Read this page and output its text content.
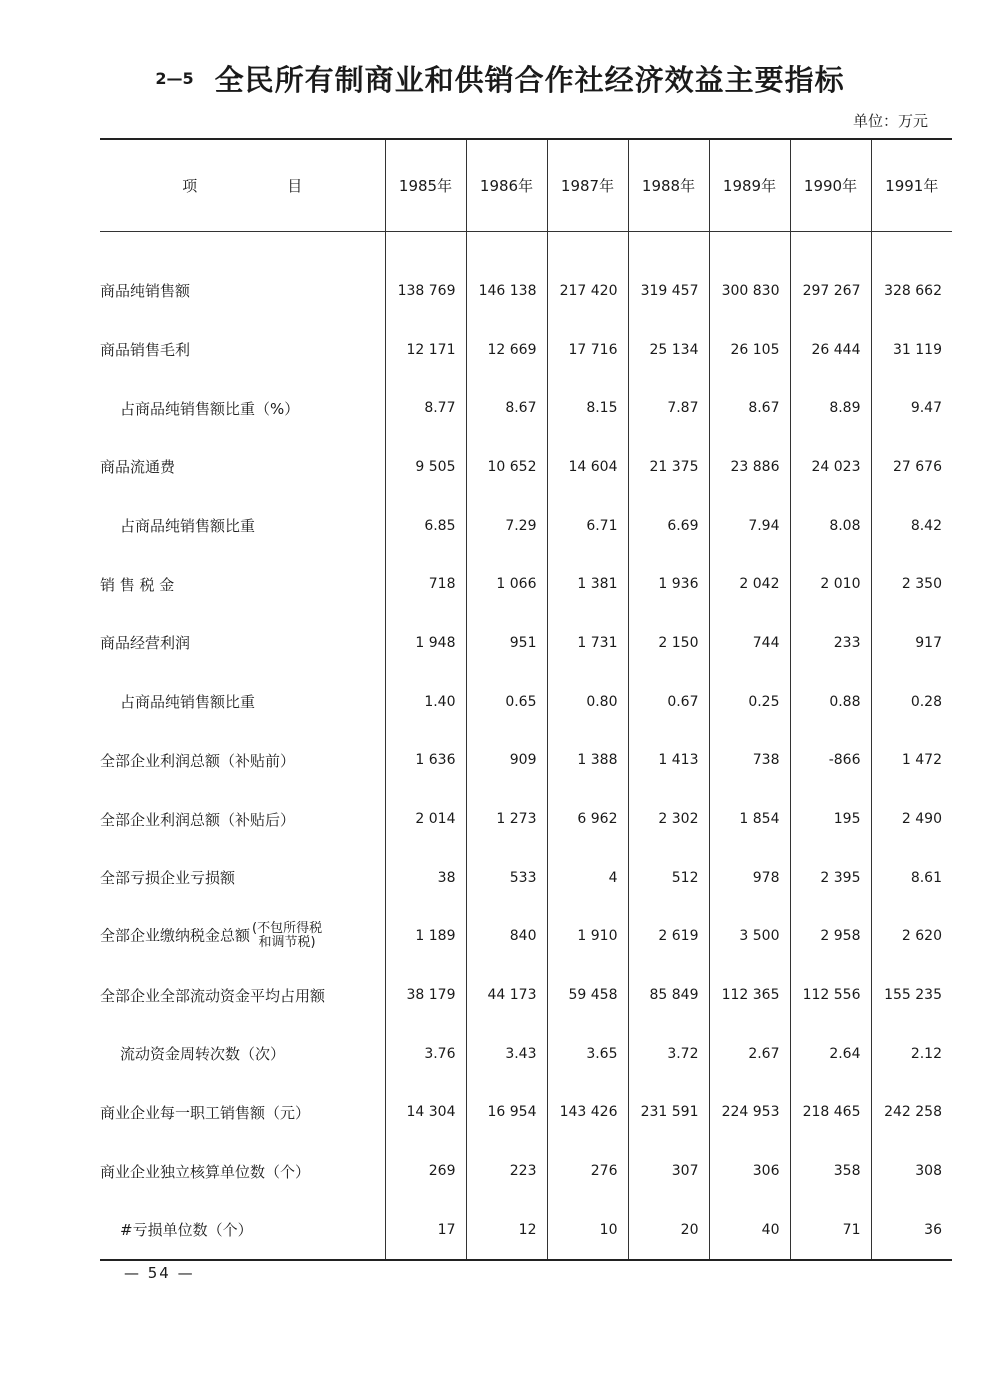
2—5 全民所有制商业和供销合作社经济效益主要指标
单位：万元
项　　目	1985年	1986年	1987年	1988年	1989年	1990年	1991年

商品纯销售额	138 769	146 138	217 420	319 457	300 830	297 267	328 662
商品销售毛利	12 171	12 669	17 716	25 134	26 105	26 444	31 119
占商品纯销售额比重（%）	8.77	8.67	8.15	7.87	8.67	8.89	9.47
商品流通费	9 505	10 652	14 604	21 375	23 886	24 023	27 676
占商品纯销售额比重	6.85	7.29	6.71	6.69	7.94	8.08	8.42
销 售 税 金	718	1 066	1 381	1 936	2 042	2 010	2 350
商品经营利润	1 948	951	1 731	2 150	744	233	917
占商品纯销售额比重	1.40	0.65	0.80	0.67	0.25	0.88	0.28
全部企业利润总额（补贴前）	1 636	909	1 388	1 413	738	-866	1 472
全部企业利润总额（补贴后）	2 014	1 273	6 962	2 302	1 854	195	2 490
全部亏损企业亏损额	38	533	4	512	978	2 395	8.61
全部企业缴纳税金总额 (不包所得税
和调节税)	1 189	840	1 910	2 619	3 500	2 958	2 620
全部企业全部流动资金平均占用额	38 179	44 173	59 458	85 849	112 365	112 556	155 235
流动资金周转次数（次）	3.76	3.43	3.65	3.72	2.67	2.64	2.12
商业企业每一职工销售额（元）	14 304	16 954	143 426	231 591	224 953	218 465	242 258
商业企业独立核算单位数（个）	269	223	276	307	306	358	308
#亏损单位数（个）	17	12	10	20	40	71	36
— 54 —
